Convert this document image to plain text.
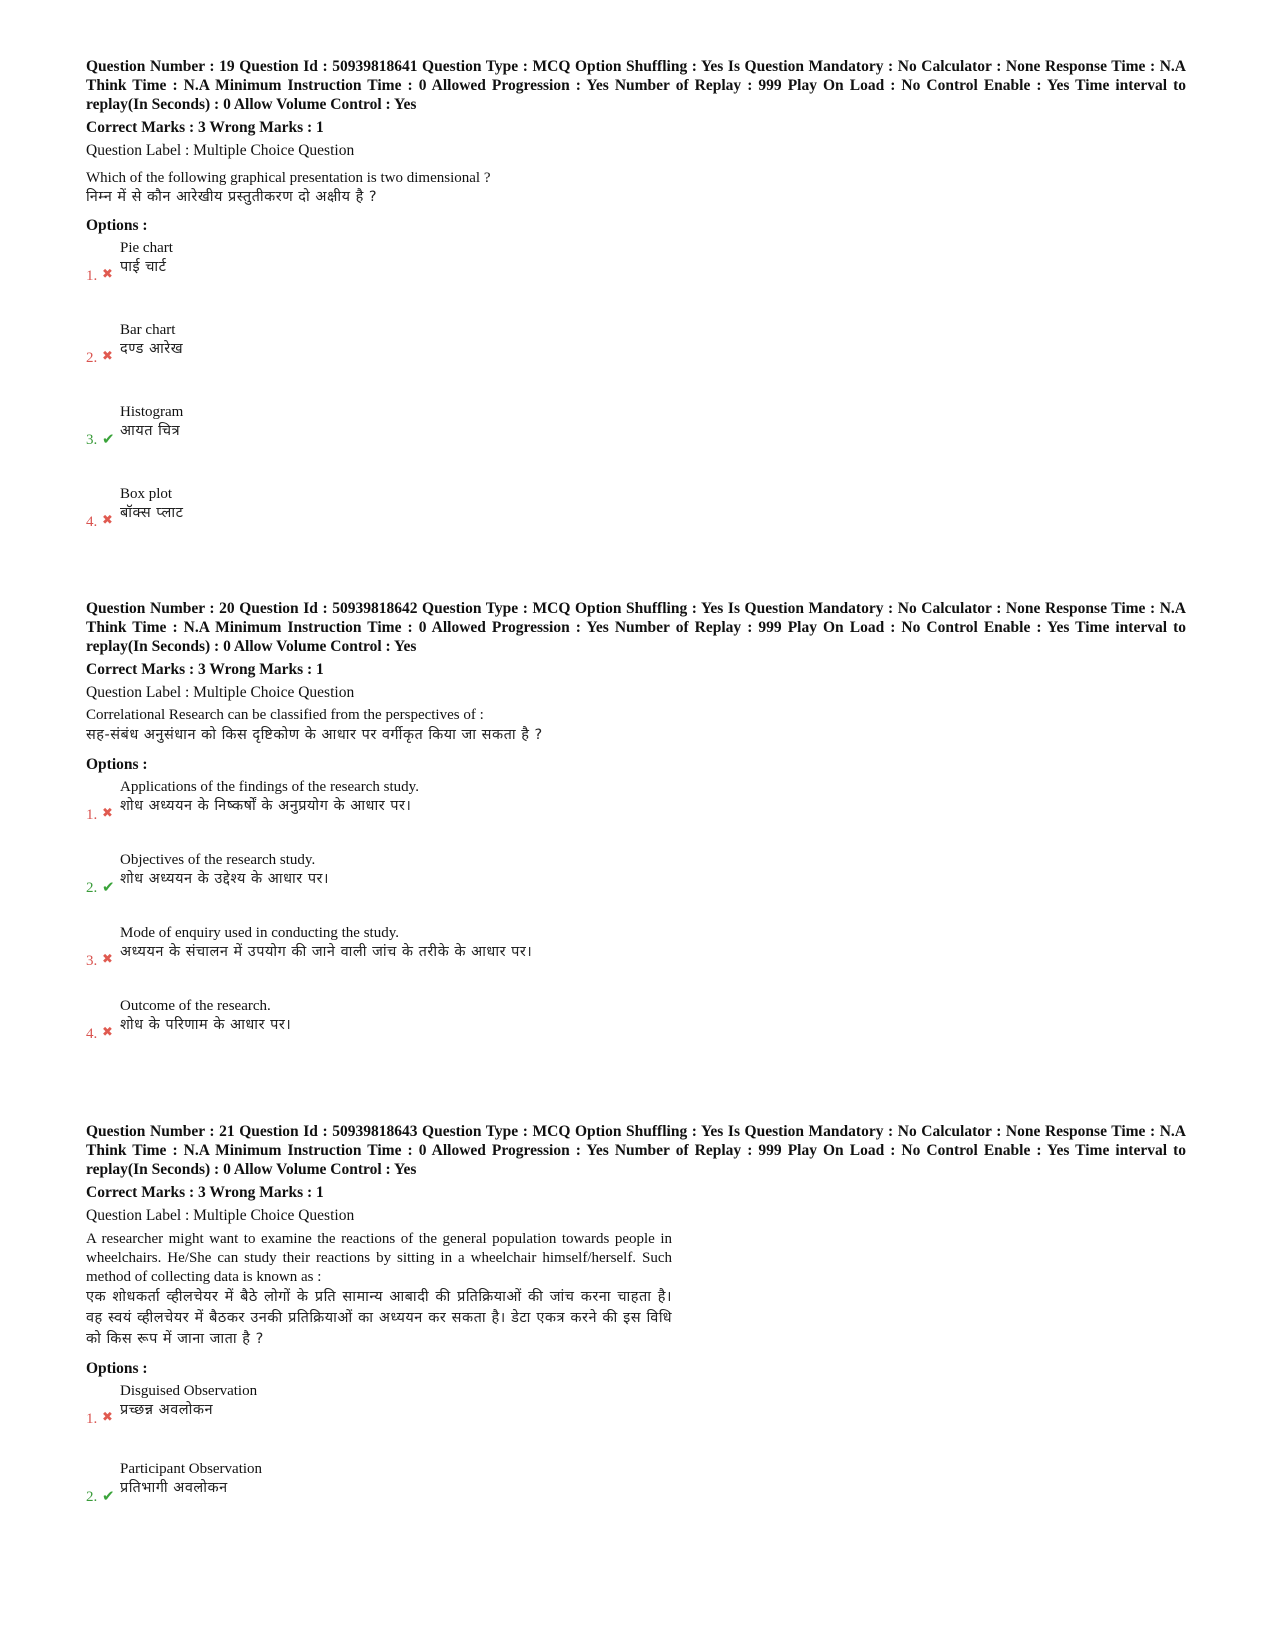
Question Number : 19 Question Id : 50939818641 Question Type : MCQ Option Shuffling : Yes Is Question Mandatory : No Calculator : None Response Time : N.A Think Time : N.A Minimum Instruction Time : 0 Allowed Progression : Yes Number of Replay : 999 Play On Load : No Control Enable : Yes Time interval to replay(In Seconds) : 0 Allow Volume Control : Yes
Correct Marks : 3 Wrong Marks : 1
Question Label : Multiple Choice Question
Which of the following graphical presentation is two dimensional ?
निम्न में से कौन आरेखीय प्रस्तुतीकरण दो अक्षीय है ?
Options :
1. ✖
Pie chart
पाई चार्ट
2. ✖
Bar chart
दण्ड आरेख
3. ✔
Histogram
आयत चित्र
4. ✖
Box plot
बॉक्स प्लाट
Question Number : 20 Question Id : 50939818642 Question Type : MCQ Option Shuffling : Yes Is Question Mandatory : No Calculator : None Response Time : N.A Think Time : N.A Minimum Instruction Time : 0 Allowed Progression : Yes Number of Replay : 999 Play On Load : No Control Enable : Yes Time interval to replay(In Seconds) : 0 Allow Volume Control : Yes
Correct Marks : 3 Wrong Marks : 1
Question Label : Multiple Choice Question
Correlational Research can be classified from the perspectives of :
सह-संबंध अनुसंधान को किस दृष्टिकोण के आधार पर वर्गीकृत किया जा सकता है ?
Options :
1. ✖
Applications of the findings of the research study.
शोध अध्ययन के निष्कर्षों के अनुप्रयोग के आधार पर।
2. ✔
Objectives of the research study.
शोध अध्ययन के उद्देश्य के आधार पर।
3. ✖
Mode of enquiry used in conducting the study.
अध्ययन के संचालन में उपयोग की जाने वाली जांच के तरीके के आधार पर।
4. ✖
Outcome of the research.
शोध के परिणाम के आधार पर।
Question Number : 21 Question Id : 50939818643 Question Type : MCQ Option Shuffling : Yes Is Question Mandatory : No Calculator : None Response Time : N.A Think Time : N.A Minimum Instruction Time : 0 Allowed Progression : Yes Number of Replay : 999 Play On Load : No Control Enable : Yes Time interval to replay(In Seconds) : 0 Allow Volume Control : Yes
Correct Marks : 3 Wrong Marks : 1
Question Label : Multiple Choice Question
A researcher might want to examine the reactions of the general population towards people in wheelchairs. He/She can study their reactions by sitting in a wheelchair himself/herself. Such method of collecting data is known as :
एक शोधकर्ता व्हीलचेयर में बैठे लोगों के प्रति सामान्य आबादी की प्रतिक्रियाओं की जांच करना चाहता है। वह स्वयं व्हीलचेयर में बैठकर उनकी प्रतिक्रियाओं का अध्ययन कर सकता है। डेटा एकत्र करने की इस विधि को किस रूप में जाना जाता है ?
Options :
1. ✖
Disguised Observation
प्रच्छन्न अवलोकन
2. ✔
Participant Observation
प्रतिभागी अवलोकन
